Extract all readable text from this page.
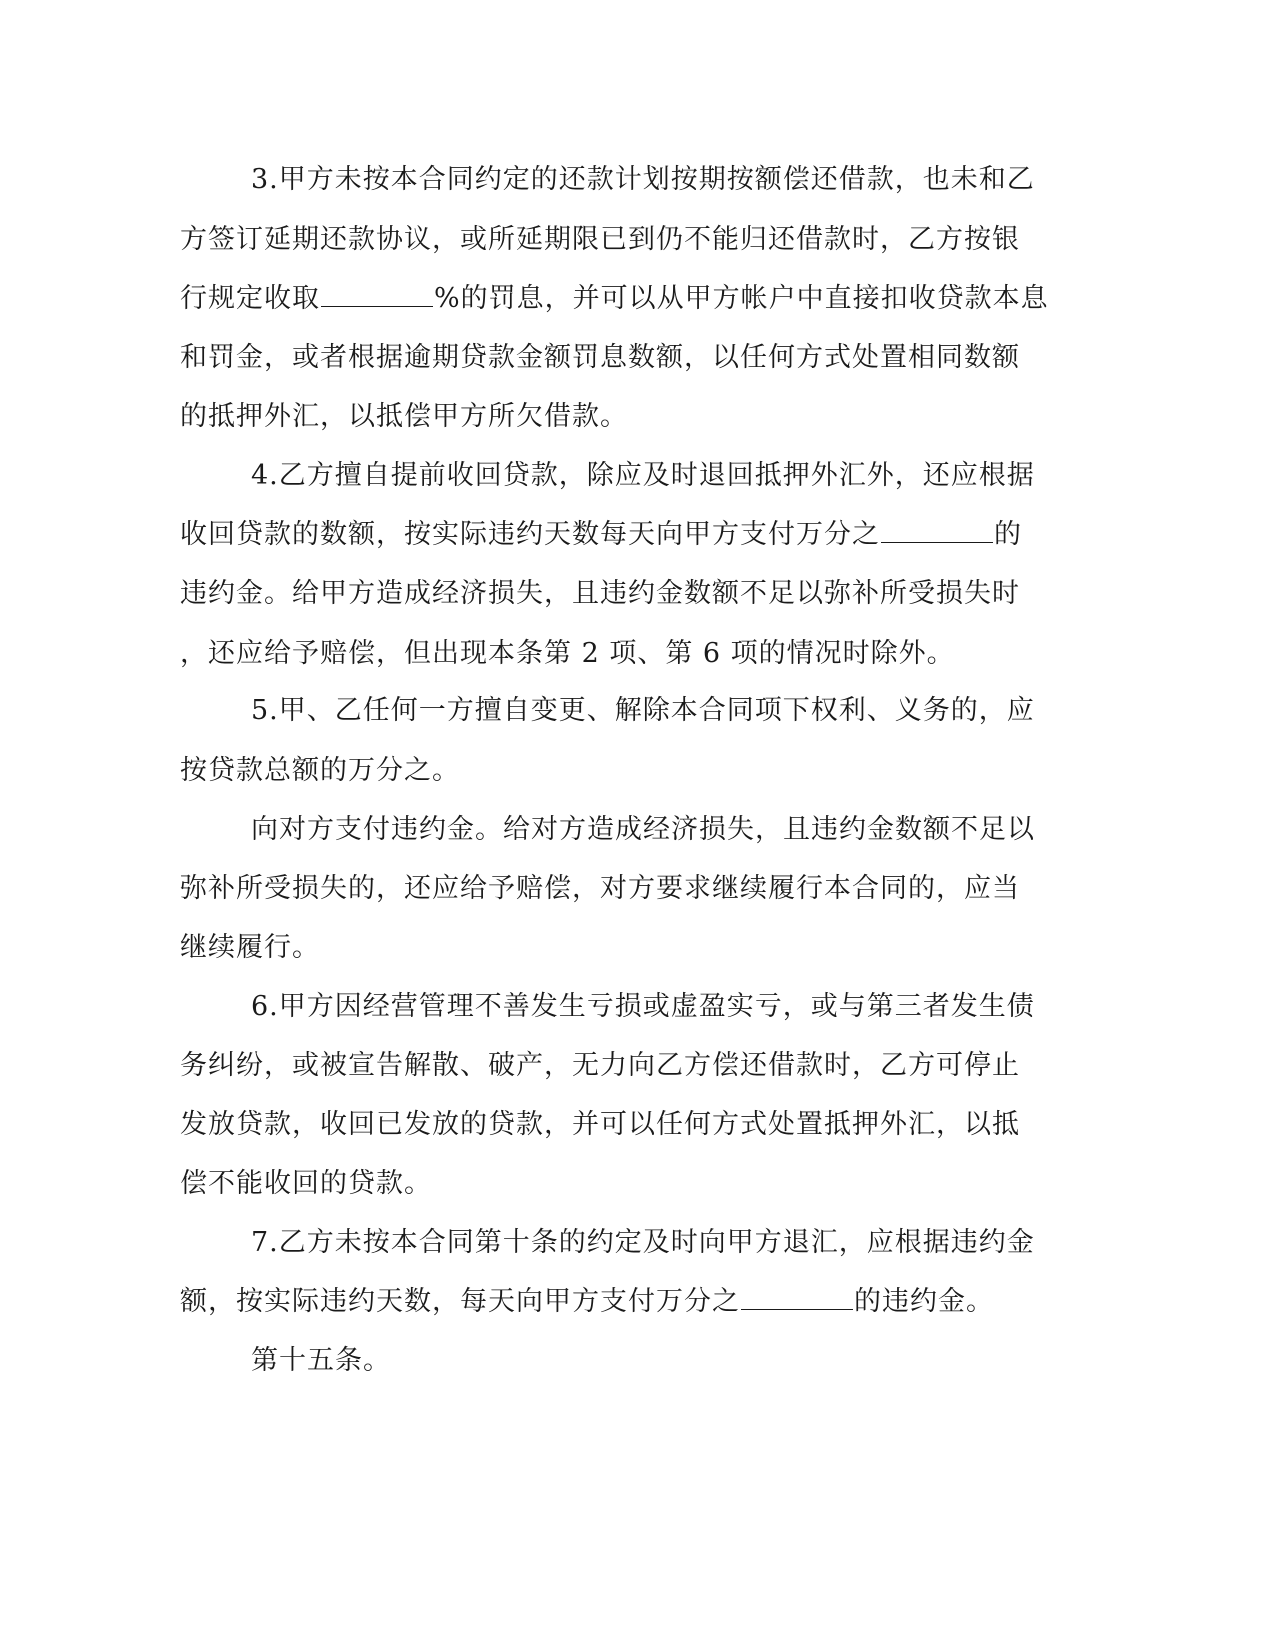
3.甲方未按本合同约定的还款计划按期按额偿还借款，也未和乙
方签订延期还款协议，或所延期限已到仍不能归还借款时，乙方按银
行规定收取	%的罚息，并可以从甲方帐户中直接扣收贷款本息
和罚金，或者根据逾期贷款金额罚息数额，以任何方式处置相同数额
的抵押外汇，以抵偿甲方所欠借款。
4.乙方擅自提前收回贷款，除应及时退回抵押外汇外，还应根据
收回贷款的数额，按实际违约天数每天向甲方支付万分之	的
违约金。给甲方造成经济损失，且违约金数额不足以弥补所受损失时
，还应给予赔偿，但出现本条第 2 项、第 6 项的情况时除外。
5.甲、乙任何一方擅自变更、解除本合同项下权利、义务的，应
按贷款总额的万分之。
向对方支付违约金。给对方造成经济损失，且违约金数额不足以
弥补所受损失的，还应给予赔偿，对方要求继续履行本合同的，应当
继续履行。
6.甲方因经营管理不善发生亏损或虚盈实亏，或与第三者发生债
务纠纷，或被宣告解散、破产，无力向乙方偿还借款时，乙方可停止
发放贷款，收回已发放的贷款，并可以任何方式处置抵押外汇，以抵
偿不能收回的贷款。
7.乙方未按本合同第十条的约定及时向甲方退汇，应根据违约金
额，按实际违约天数，每天向甲方支付万分之	的违约金。
第十五条。
